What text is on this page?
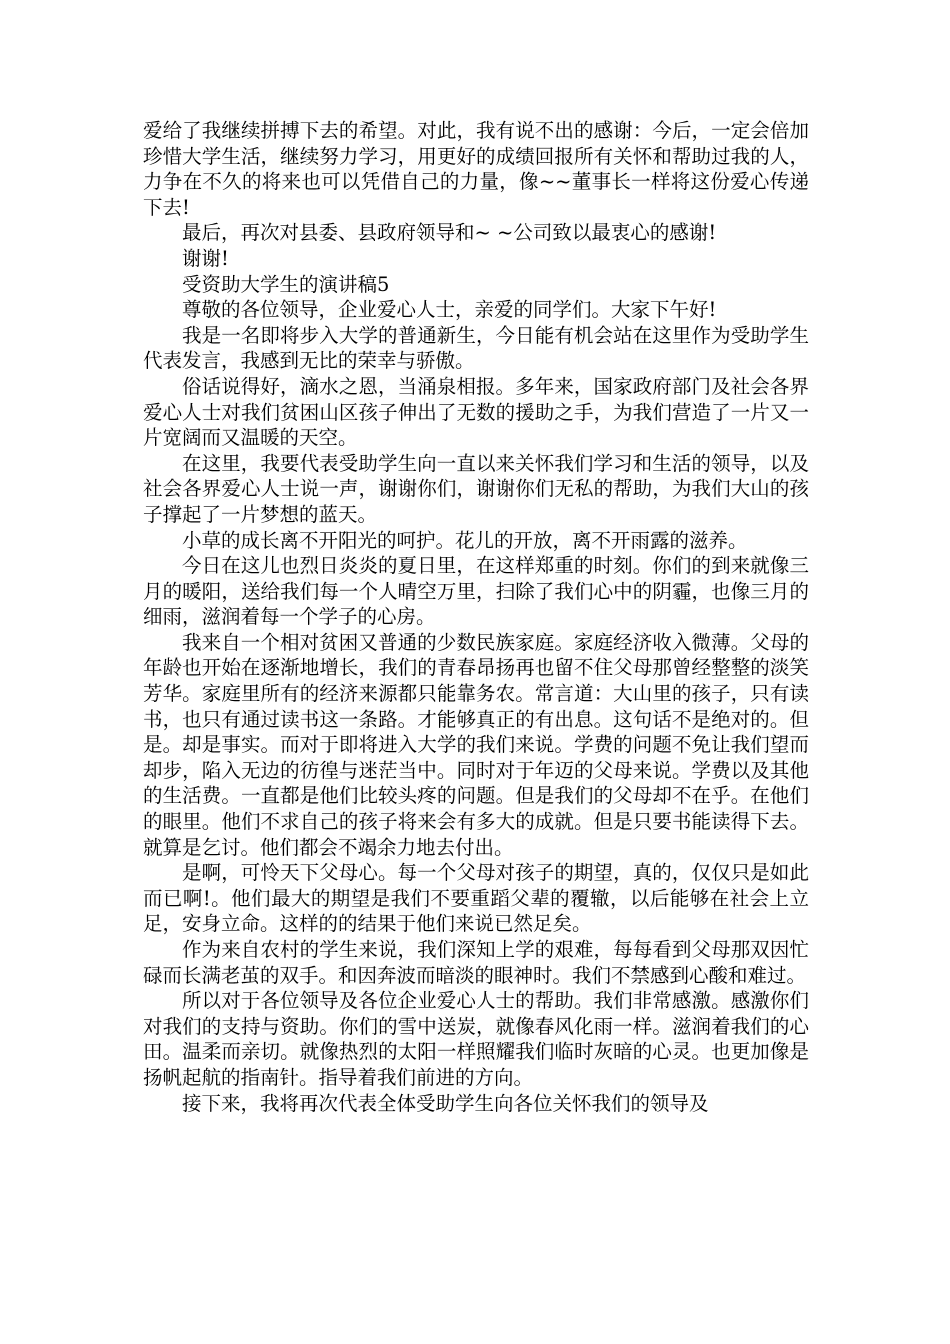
爱给了我继续拼搏下去的希望。对此，我有说不出的感谢：今后，一定会倍加珍惜大学生活，继续努力学习，用更好的成绩回报所有关怀和帮助过我的人，力争在不久的将来也可以凭借自己的力量，像~~董事长一样将这份爱心传递下去!

最后，再次对县委、县政府领导和~ ~公司致以最衷心的感谢!

谢谢!

受资助大学生的演讲稿5

尊敬的各位领导，企业爱心人士，亲爱的同学们。大家下午好!

我是一名即将步入大学的普通新生，今日能有机会站在这里作为受助学生代表发言，我感到无比的荣幸与骄傲。

俗话说得好，滴水之恩，当涌泉相报。多年来，国家政府部门及社会各界爱心人士对我们贫困山区孩子伸出了无数的援助之手，为我们营造了一片又一片宽阔而又温暖的天空。

在这里，我要代表受助学生向一直以来关怀我们学习和生活的领导，以及社会各界爱心人士说一声，谢谢你们，谢谢你们无私的帮助，为我们大山的孩子撑起了一片梦想的蓝天。

小草的成长离不开阳光的呵护。花儿的开放，离不开雨露的滋养。

今日在这儿也烈日炎炎的夏日里，在这样郑重的时刻。你们的到来就像三月的暖阳，送给我们每一个人晴空万里，扫除了我们心中的阴霾，也像三月的细雨，滋润着每一个学子的心房。

我来自一个相对贫困又普通的少数民族家庭。家庭经济收入微薄。父母的年龄也开始在逐渐地增长，我们的青春昂扬再也留不住父母那曾经整整的淡笑芳华。家庭里所有的经济来源都只能靠务农。常言道：大山里的孩子，只有读书，也只有通过读书这一条路。才能够真正的有出息。这句话不是绝对的。但是。却是事实。而对于即将进入大学的我们来说。学费的问题不免让我们望而却步，陷入无边的彷徨与迷茫当中。同时对于年迈的父母来说。学费以及其他的生活费。一直都是他们比较头疼的问题。但是我们的父母却不在乎。在他们的眼里。他们不求自己的孩子将来会有多大的成就。但是只要书能读得下去。就算是乞讨。他们都会不竭余力地去付出。

是啊，可怜天下父母心。每一个父母对孩子的期望，真的，仅仅只是如此而已啊!。他们最大的期望是我们不要重蹈父辈的覆辙，以后能够在社会上立足，安身立命。这样的的结果于他们来说已然足矣。

作为来自农村的学生来说，我们深知上学的艰难，每每看到父母那双因忙碌而长满老茧的双手。和因奔波而暗淡的眼神时。我们不禁感到心酸和难过。

所以对于各位领导及各位企业爱心人士的帮助。我们非常感激。感激你们对我们的支持与资助。你们的雪中送炭，就像春风化雨一样。滋润着我们的心田。温柔而亲切。就像热烈的太阳一样照耀我们临时灰暗的心灵。也更加像是扬帆起航的指南针。指导着我们前进的方向。

接下来，我将再次代表全体受助学生向各位关怀我们的领导及
